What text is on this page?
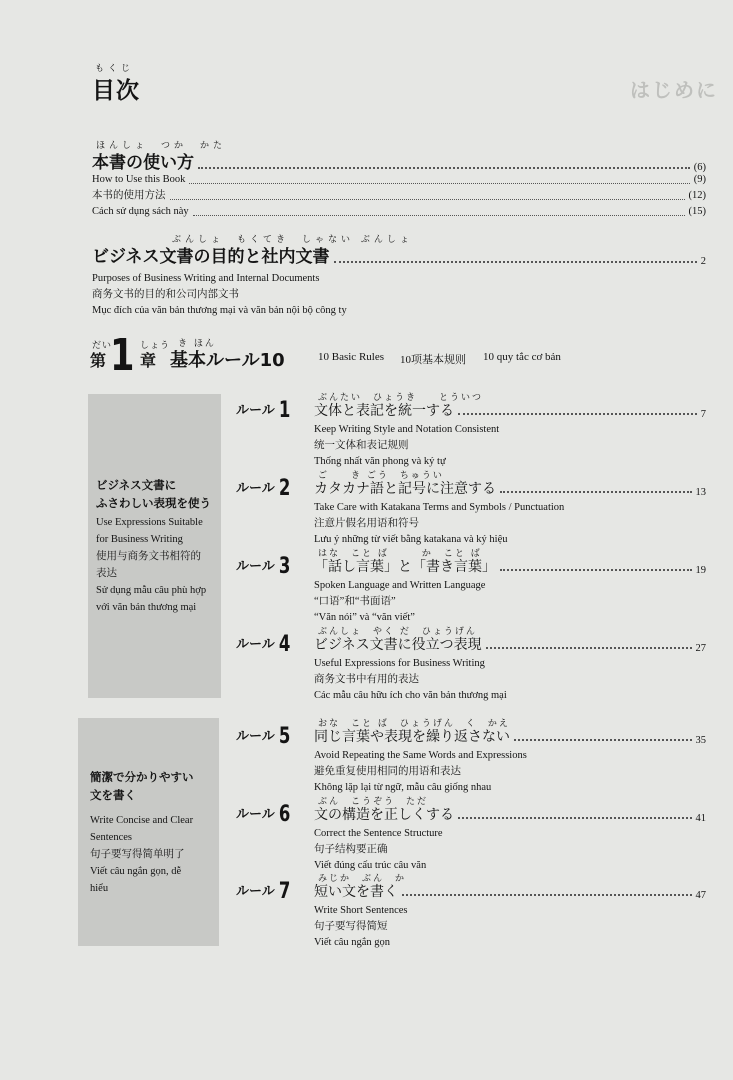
はじめに
もくじ
目次
ほんしょ　つか　かた
本書の使い方	(6)
How to Use this Book	(9)
本书的使用方法	(12)
Cách sử dụng sách này	(15)
ぶんしょ　もくてき　しゃない ぶんしょ
ビジネス文書の目的と社内文書	2
Purposes of Business Writing and Internal Documents
商务文书的目的和公司内部文书
Mục đích của văn bản thương mại và văn bản nội bộ công ty
だい
第 1 しょう
章
き ほん
基本ルール10	10 Basic Rules 10项基本规则 10 quy tắc cơ bản
ビジネス文書に
ふさわしい表現を使う
Use Expressions Suitable
for Business Writing
使用与商务文书相符的
表达
Sử dụng mẫu câu phù hợp
với văn bản thương mại
簡潔で分かりやすい
文を書く
Write Concise and Clear
Sentences
句子要写得简单明了
Viết câu ngắn gọn, dễ
hiểu
ルール 1	ぶんたい　ひょうき　　とういつ
文体と表記を統一する	7
Keep Writing Style and Notation Consistent
统一文体和表记规则
Thống nhất văn phong và ký tự
ルール 2	ご　　き ごう　ちゅうい
カタカナ語と記号に注意する	13
Take Care with Katakana Terms and Symbols / Punctuation
注意片假名用语和符号
Lưu ý những từ viết bằng katakana và ký hiệu
ルール 3	はな　こと ば　　　か　こと ば
「話し言葉」と「書き言葉」	19
Spoken Language and Written Language
“口语”和“书面语”
“Văn nói” và “văn viết”
ルール 4	ぶんしょ　やく だ　ひょうげん
ビジネス文書に役立つ表現	27
Useful Expressions for Business Writing
商务文书中有用的表达
Các mẫu câu hữu ích cho văn bản thương mại
ルール 5	おな　こと ば　ひょうげん　く　かえ
同じ言葉や表現を繰り返さない	35
Avoid Repeating the Same Words and Expressions
避免重复使用相同的用语和表达
Không lặp lại từ ngữ, mẫu câu giống nhau
ルール 6	ぶん　こうぞう　ただ
文の構造を正しくする	41
Correct the Sentence Structure
句子结构要正确
Viết đúng cấu trúc câu văn
ルール 7	みじか　ぶん　か
短い文を書く	47
Write Short Sentences
句子要写得简短
Viết câu ngắn gọn
